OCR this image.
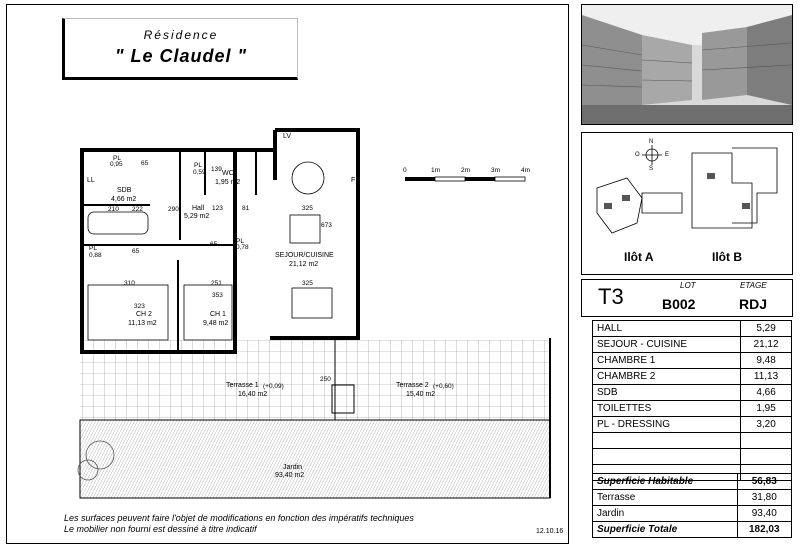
Résidence
" Le Claudel "
LV
F
LL
SDB
4,66 m2
210 222
65
PL
0,95	PL
0,59 WC
1,95 m2
139
Hall
5,29 m2
290	123	81
PL
0,88
65
PL
0,78
65
SEJOUR/CUISINE
21,12 m2
325
673
325
CH 2
11,13 m2
310
323
CH 1
9,48 m2
251
353
Terrasse 1 (+0,09)
16,40 m2
250
Terrasse 2 (+0,60)
15,40 m2
Jardin
93,40 m2
0	1m	2m	3m	4m
Les surfaces peuvent faire l'objet de modifications en fonction des impératifs techniques
Le mobilier non fourni est dessiné à titre indicatif	12.10.16
N
S
E
O
Ilôt A	Ilôt B
T3	LOT
B002
ETAGE
RDJ
HALL	5,29
SEJOUR - CUISINE	21,12
CHAMBRE 1	9,48
CHAMBRE 2	11,13
SDB	4,66
TOILETTES	1,95
PL - DRESSING	3,20

Superficie Habitable	56,83
Terrasse	31,80
Jardin	93,40
Superficie Totale	182,03
